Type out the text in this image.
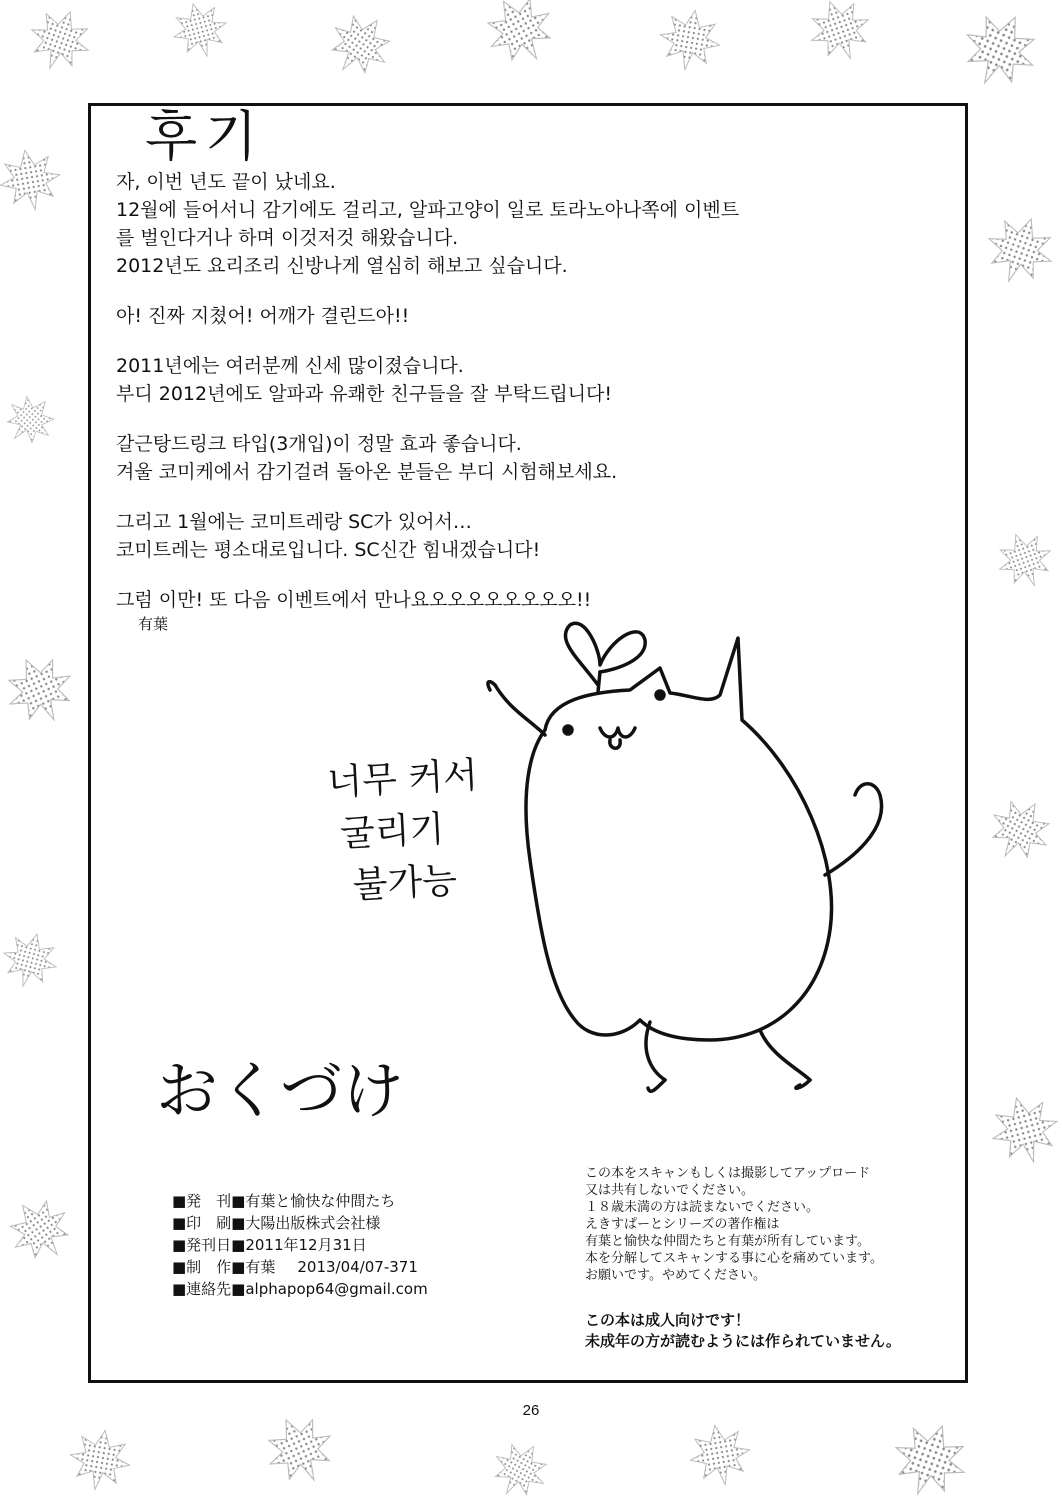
후기
자, 이번 년도 끝이 났네요.
12월에 들어서니 감기에도 걸리고, 알파고양이 일로 토라노아나쪽에 이벤트
를 벌인다거나 하며 이것저것 해왔습니다.
2012년도 요리조리 신방나게 열심히 해보고 싶습니다.
아! 진짜 지쳤어! 어깨가 결린드아!!
2011년에는 여러분께 신세 많이졌습니다.
부디 2012년에도 알파과 유쾌한 친구들을 잘 부탁드립니다!
갈근탕드링크 타입(3개입)이 정말 효과 좋습니다.
겨울 코미케에서 감기걸려 돌아온 분들은 부디 시험해보세요.
그리고 1월에는 코미트레랑 SC가 있어서…
코미트레는 평소대로입니다. SC신간 힘내겠습니다!
그럼 이만! 또 다음 이벤트에서 만나요오오오오오오오오!!
有葉
너무 커서
굴리기
불가능
おくづけ
■発　刊■有葉と愉快な仲間たち
■印　刷■大陽出版株式会社様
■発刊日■2011年12月31日
■制　作■有葉 2013/04/07-371
■連絡先■alphapop64@gmail.com
この本をスキャンもしくは撮影してアップロード
又は共有しないでください。
１８歳未満の方は読まないでください。
えきすぱーとシリーズの著作権は
有葉と愉快な仲間たちと有葉が所有しています。
本を分解してスキャンする事に心を痛めています。
お願いです。やめてください。
この本は成人向けです！
未成年の方が読むようには作られていません。
26
